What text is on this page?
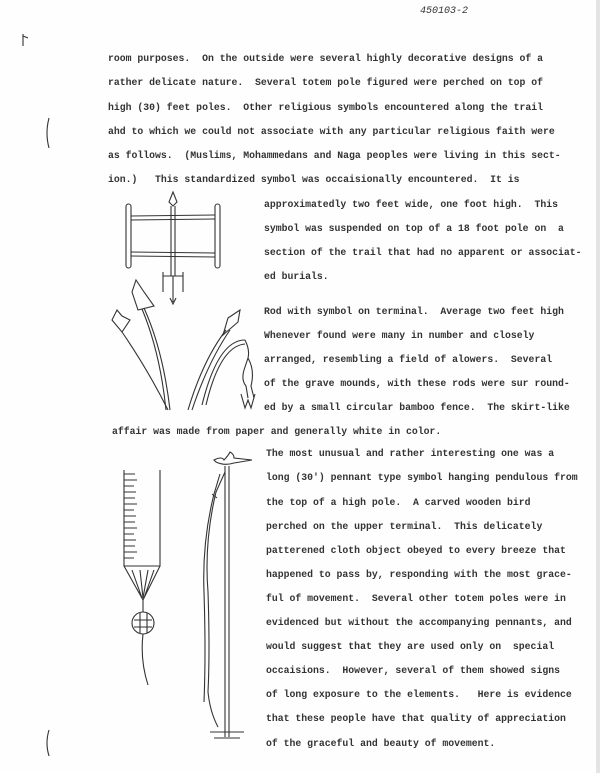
450103-2
room purposes.  On the outside were several highly decorative designs of a
rather delicate nature.  Several totem pole figured were perched on top of
high (30) feet poles.  Other religious symbols encountered along the trail
ahd to which we could not associate with any particular religious faith were
as follows.  (Muslims, Mohammedans and Naga peoples were living in this sect-
ion.)   This standardized symbol was occaisionally encountered.  It is
approximatedly two feet wide, one foot high.  This
symbol was suspended on top of a 18 foot pole on  a
section of the trail that had no apparent or associat-
ed burials.
Rod with symbol on terminal.  Average two feet high
Whenever found were many in number and closely
arranged, resembling a field of alowers.  Several
of the grave mounds, with these rods were sur round-
ed by a small circular bamboo fence.  The skirt-like
affair was made from paper and generally white in color.
The most unusual and rather interesting one was a
long (30') pennant type symbol hanging pendulous from
the top of a high pole.  A carved wooden bird
perched on the upper terminal.  This delicately
patterened cloth object obeyed to every breeze that
happened to pass by, responding with the most grace-
ful of movement.  Several other totem poles were in
evidenced but without the accompanying pennants, and
would suggest that they are used only on  special
occaisions.  However, several of them showed signs
of long exposure to the elements.   Here is evidence
that these people have that quality of appreciation
of the graceful and beauty of movement.
